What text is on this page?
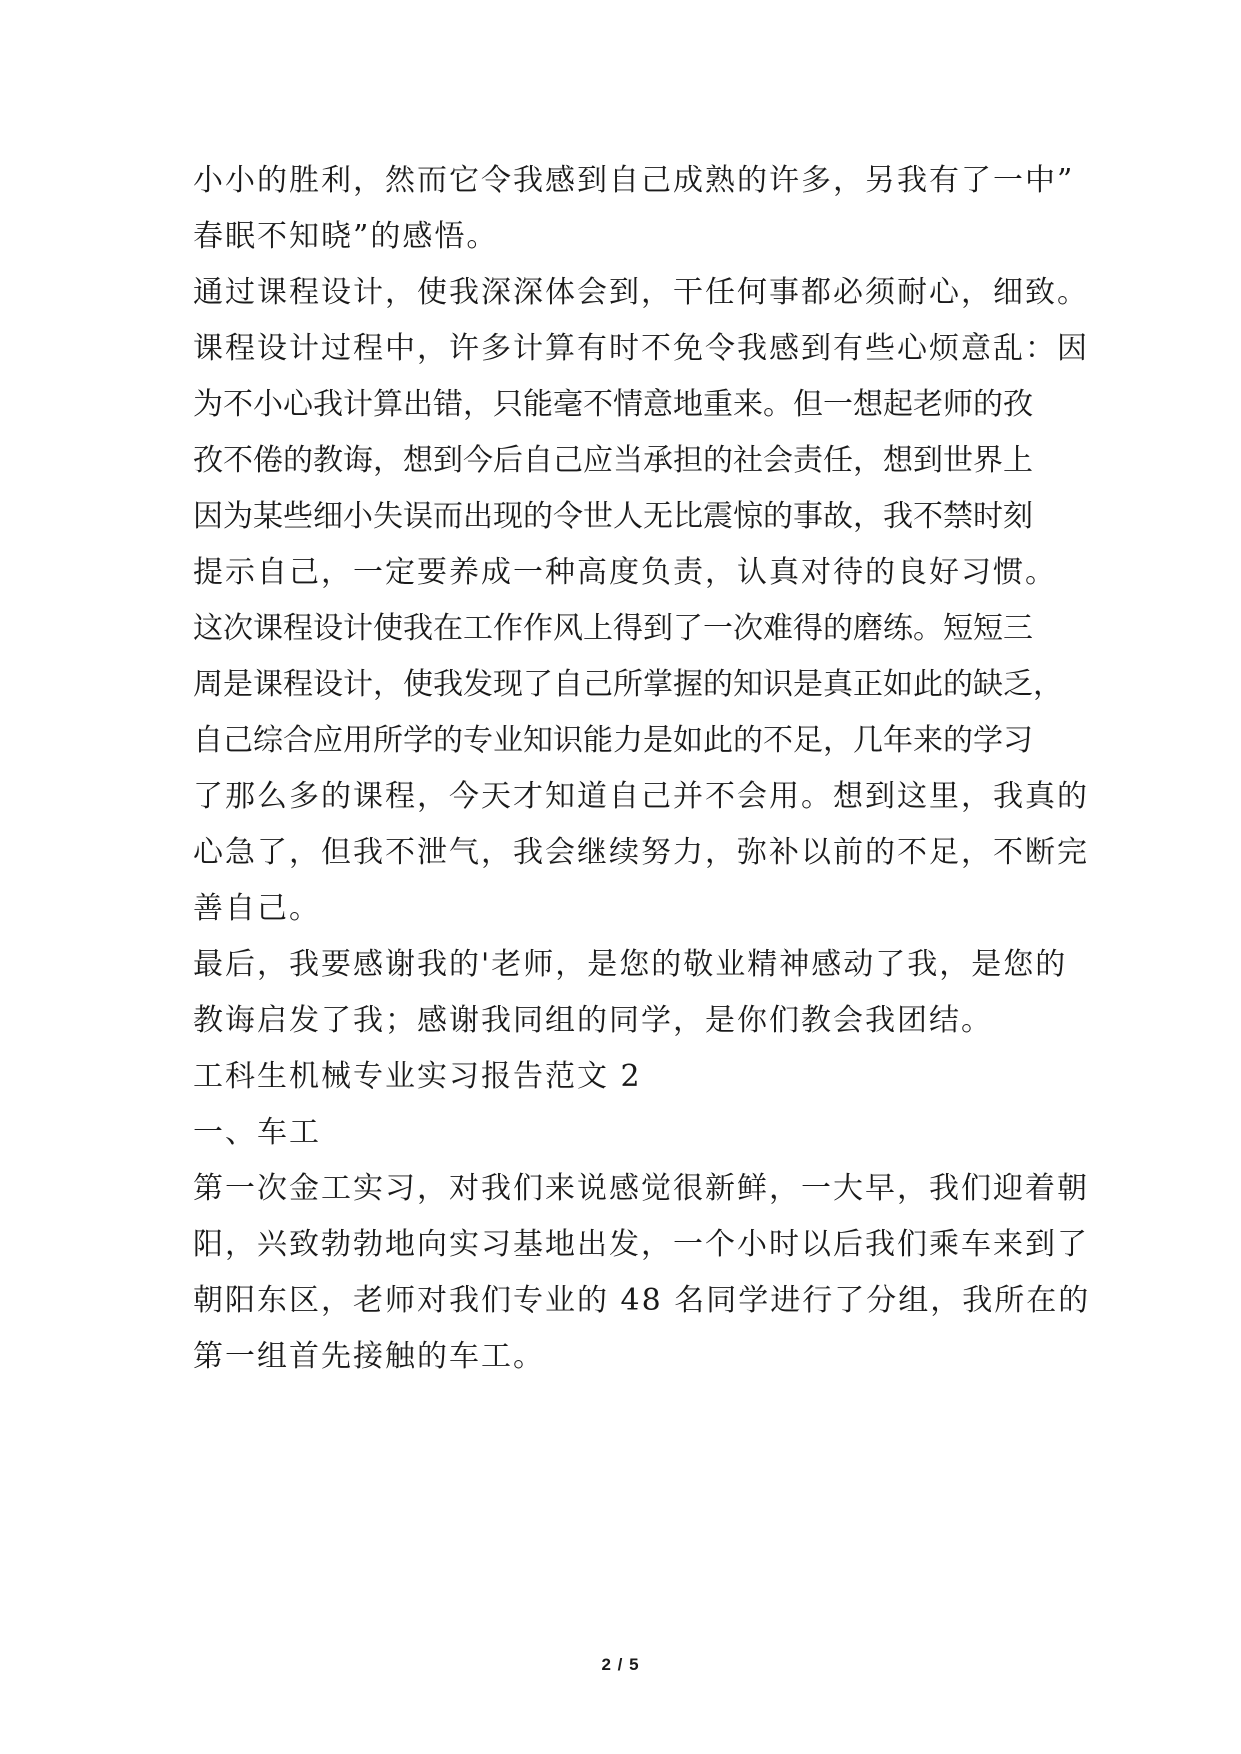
小小的胜利，然而它令我感到自己成熟的许多，另我有了一中”
春眠不知晓”的感悟。
通过课程设计，使我深深体会到，干任何事都必须耐心，细致。
课程设计过程中，许多计算有时不免令我感到有些心烦意乱：因
为不小心我计算出错，只能毫不情意地重来。但一想起老师的孜
孜不倦的教诲，想到今后自己应当承担的社会责任，想到世界上
因为某些细小失误而出现的令世人无比震惊的事故，我不禁时刻
提示自己，一定要养成一种高度负责，认真对待的良好习惯。
这次课程设计使我在工作作风上得到了一次难得的磨练。短短三
周是课程设计，使我发现了自己所掌握的知识是真正如此的缺乏，
自己综合应用所学的专业知识能力是如此的不足，几年来的学习
了那么多的课程，今天才知道自己并不会用。想到这里，我真的
心急了，但我不泄气，我会继续努力，弥补以前的不足，不断完
善自己。
最后，我要感谢我的'老师，是您的敬业精神感动了我，是您的
教诲启发了我；感谢我同组的同学，是你们教会我团结。
工科生机械专业实习报告范文 2
一、车工
第一次金工实习，对我们来说感觉很新鲜，一大早，我们迎着朝
阳，兴致勃勃地向实习基地出发，一个小时以后我们乘车来到了
朝阳东区，老师对我们专业的 48 名同学进行了分组，我所在的
第一组首先接触的车工。
2 / 5
